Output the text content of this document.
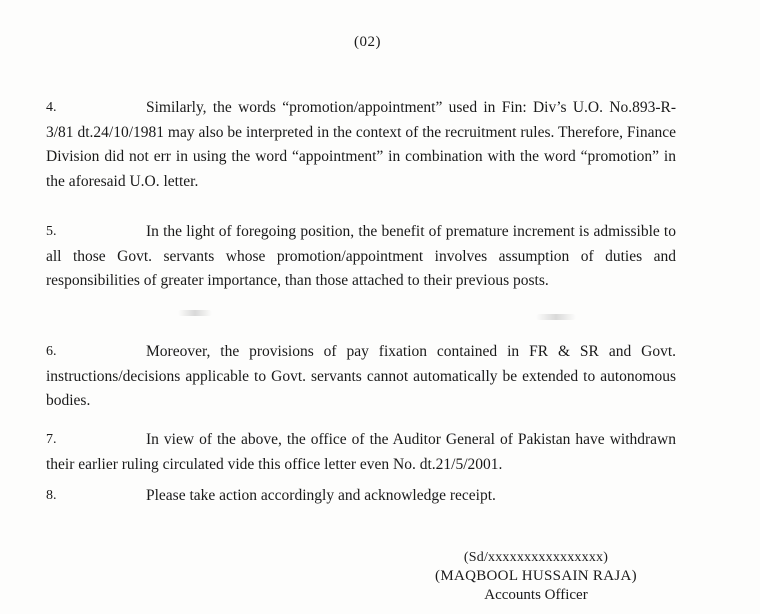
(02)
4.	Similarly, the words “promotion/appointment” used in Fin: Div’s U.O. No.893-R-3/81 dt.24/10/1981 may also be interpreted in the context of the recruitment rules. Therefore, Finance Division did not err in using the word “appointment” in combination with the word “promotion” in the aforesaid U.O. letter.
5.	In the light of foregoing position, the benefit of premature increment is admissible to all those Govt. servants whose promotion/appointment involves assumption of duties and responsibilities of greater importance, than those attached to their previous posts.
6.	Moreover, the provisions of pay fixation contained in FR & SR and Govt. instructions/decisions applicable to Govt. servants cannot automatically be extended to autonomous bodies.
7.	In view of the above, the office of the Auditor General of Pakistan have withdrawn their earlier ruling circulated vide this office letter even No. dt.21/5/2001.
8.	Please take action accordingly and acknowledge receipt.
(Sd/xxxxxxxxxxxxxxxx)
(MAQBOOL HUSSAIN RAJA)
Accounts Officer
